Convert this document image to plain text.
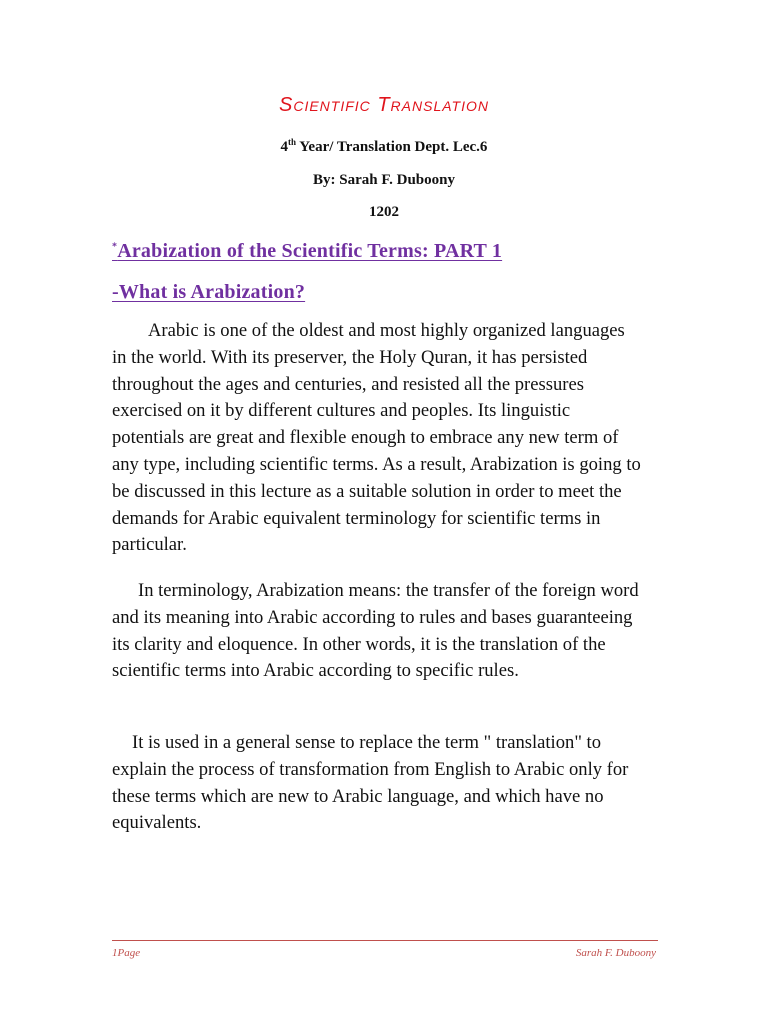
Scientific Translation
4th Year/ Translation Dept. Lec.6
By: Sarah F. Duboony
1202
*Arabization of the Scientific Terms: PART 1
-What is Arabization?

Arabic is one of the oldest and most highly organized languages in the world. With its preserver, the Holy Quran, it has persisted throughout the ages and centuries, and resisted all the pressures exercised on it by different cultures and peoples. Its linguistic potentials are great and flexible enough to embrace any new term of any type, including scientific terms. As a result, Arabization is going to be discussed in this lecture as a suitable solution in order to meet the demands for Arabic equivalent terminology for scientific terms in particular.

In terminology, Arabization means: the transfer of the foreign word and its meaning into Arabic according to rules and bases guaranteeing its clarity and eloquence. In other words, it is the translation of the scientific terms into Arabic according to specific rules.

It is used in a general sense to replace the term " translation" to explain the process of transformation from English to Arabic only for these terms which are new to Arabic language, and which have no equivalents.

1Page	Sarah F. Duboony
